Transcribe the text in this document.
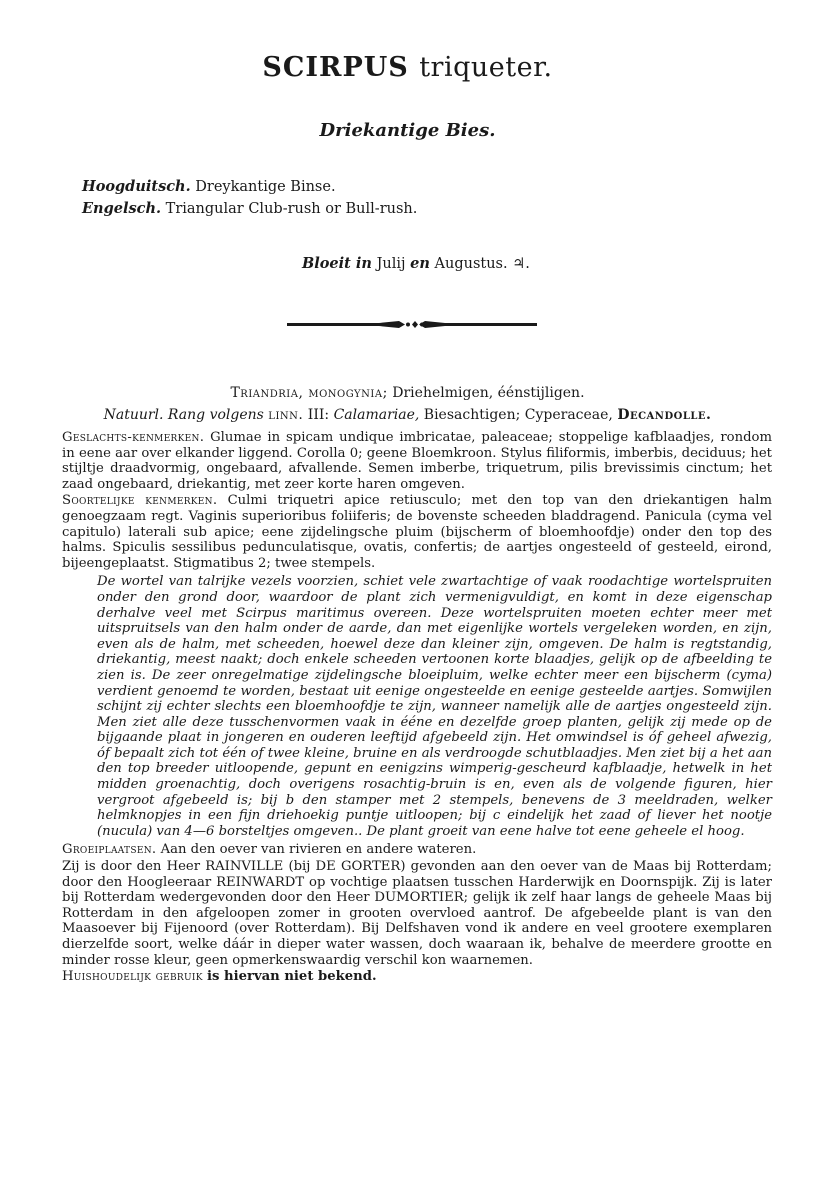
SCIRPUS triqueter.
Driekantige Bies.
Hoogduitsch. Dreykantige Binse.
Engelsch. Triangular Club-rush or Bull-rush.
Bloeit in Julij en Augustus. ♃.
Triandria, monogynia; Driehelmigen, éénstijligen.
Natuurl. Rang volgens linn. III: Calamariae, Biesachtigen; Cyperaceae, Decandolle.

Geslachts-kenmerken. Glumae in spicam undique imbricatae, paleaceae; stoppelige kafblaadjes, rondom in eene aar over elkander liggend. Corolla 0; geene Bloemkroon. Stylus filiformis, imberbis, deciduus; het stijltje draadvormig, ongebaard, afvallende. Semen imberbe, triquetrum, pilis brevissimis cinctum; het zaad ongebaard, driekantig, met zeer korte haren omgeven.

Soortelijke kenmerken. Culmi triquetri apice retiusculo; met den top van den driekantigen halm genoegzaam regt. Vaginis superioribus foliiferis; de bovenste scheeden bladdragend. Panicula (cyma vel capitulo) laterali sub apice; eene zijdelingsche pluim (bijscherm of bloemhoofdje) onder den top des halms. Spiculis sessilibus pedunculatisque, ovatis, confertis; de aartjes ongesteeld of gesteeld, eirond, bijeengeplaatst. Stigmatibus 2; twee stempels.

De wortel van talrijke vezels voorzien, schiet vele zwartachtige of vaak roodachtige wortelspruiten onder den grond door, waardoor de plant zich vermenigvuldigt, en komt in deze eigenschap derhalve veel met Scirpus maritimus overeen. Deze wortelspruiten moeten echter meer met uitspruitsels van den halm onder de aarde, dan met eigenlijke wortels vergeleken worden, en zijn, even als de halm, met scheeden, hoewel deze dan kleiner zijn, omgeven. De halm is regtstandig, driekantig, meest naakt; doch enkele scheeden vertoonen korte blaadjes, gelijk op de afbeelding te zien is. De zeer onregelmatige zijdelingsche bloeipluim, welke echter meer een bijscherm (cyma) verdient genoemd te worden, bestaat uit eenige ongesteelde en eenige gesteelde aartjes. Somwijlen schijnt zij echter slechts een bloemhoofdje te zijn, wanneer namelijk alle de aartjes ongesteeld zijn. Men ziet alle deze tusschenvormen vaak in ééne en dezelfde groep planten, gelijk zij mede op de bijgaande plaat in jongeren en ouderen leeftijd afgebeeld zijn. Het omwindsel is óf geheel afwezig, óf bepaalt zich tot één of twee kleine, bruine en als verdroogde schutblaadjes. Men ziet bij a het aan den top breeder uitloopende, gepunt en eenigzins wimperig-gescheurd kafblaadje, hetwelk in het midden groenachtig, doch overigens rosachtig-bruin is en, even als de volgende figuren, hier vergroot afgebeeld is; bij b den stamper met 2 stempels, benevens de 3 meeldraden, welker helmknopjes in een fijn driehoekig puntje uitloopen; bij c eindelijk het zaad of liever het nootje (nucula) van 4—6 borsteltjes omgeven.. De plant groeit van eene halve tot eene geheele el hoog.

Groeiplaatsen. Aan den oever van rivieren en andere wateren.

Zij is door den Heer RAINVILLE (bij DE GORTER) gevonden aan den oever van de Maas bij Rotterdam; door den Hoogleeraar REINWARDT op vochtige plaatsen tusschen Harderwijk en Doornspijk. Zij is later bij Rotterdam wedergevonden door den Heer DUMORTIER; gelijk ik zelf haar langs de geheele Maas bij Rotterdam in den afgeloopen zomer in grooten overvloed aantrof. De afgebeelde plant is van den Maasoever bij Fijenoord (over Rotterdam). Bij Delfshaven vond ik andere en veel grootere exemplaren dierzelfde soort, welke dáár in dieper water wassen, doch waaraan ik, behalve de meerdere grootte en minder rosse kleur, geen opmerkenswaardig verschil kon waarnemen.

Huishoudelijk gebruik is hiervan niet bekend.
